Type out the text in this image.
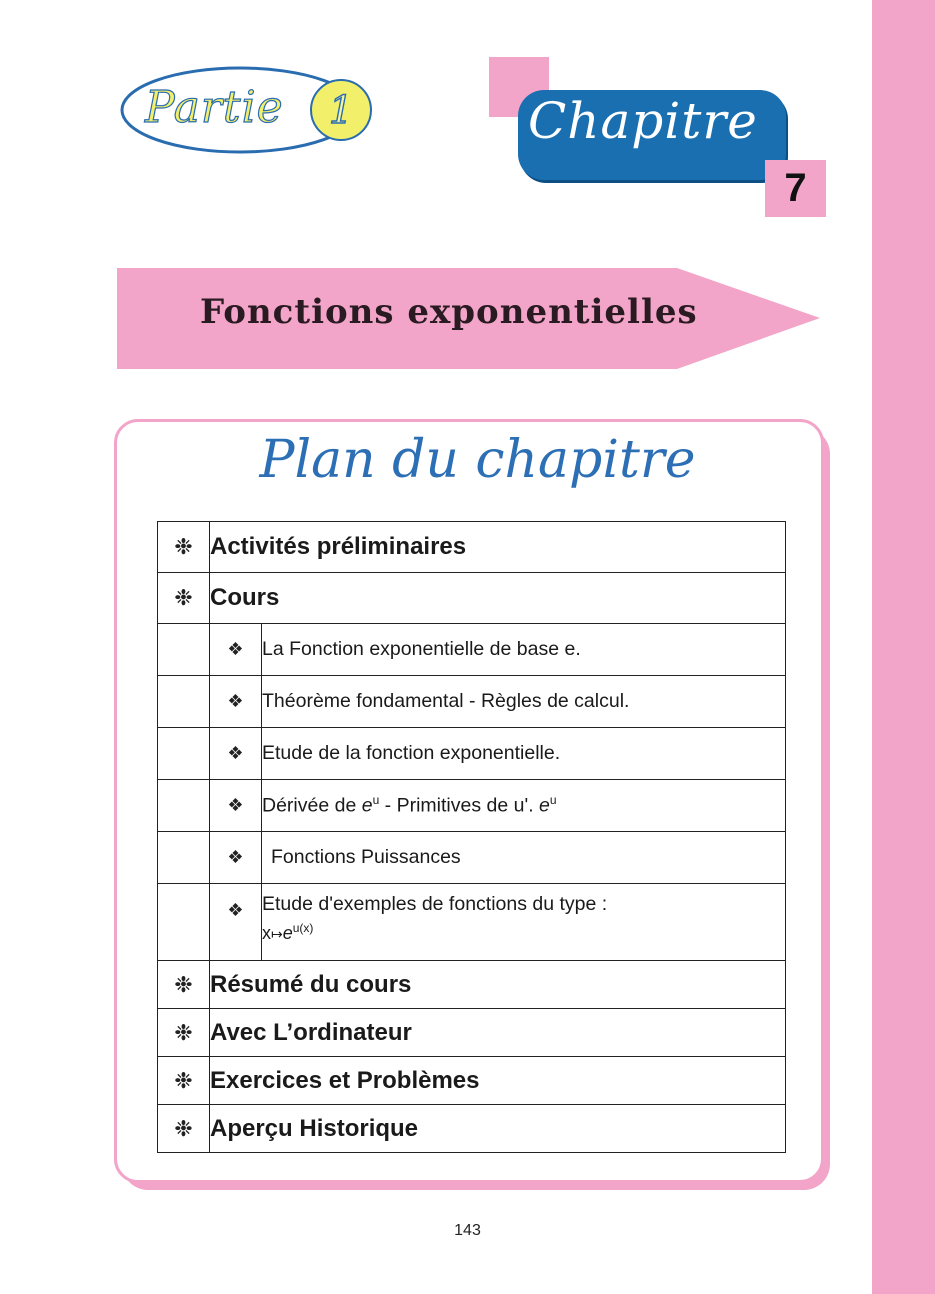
Partie	1	Chapitre
7
Fonctions exponentielles
Plan du chapitre
❉	Activités préliminaires	
❉	Cours	
	❖	La Fonction exponentielle de base e.
	❖	Théorème fondamental - Règles de calcul.
	❖	Etude de la fonction exponentielle.
	❖	Dérivée de $e^u$ - Primitives de u'. $e^u$
	❖	Fonctions Puissances
	❖	Etude d'exemples de fonctions du type :
$x↦e^{u(x)}$

❉	Résumé du cours	
❉	Avec L’ordinateur	
❉	Exercices et Problèmes	
❉	Aperçu Historique	
143
